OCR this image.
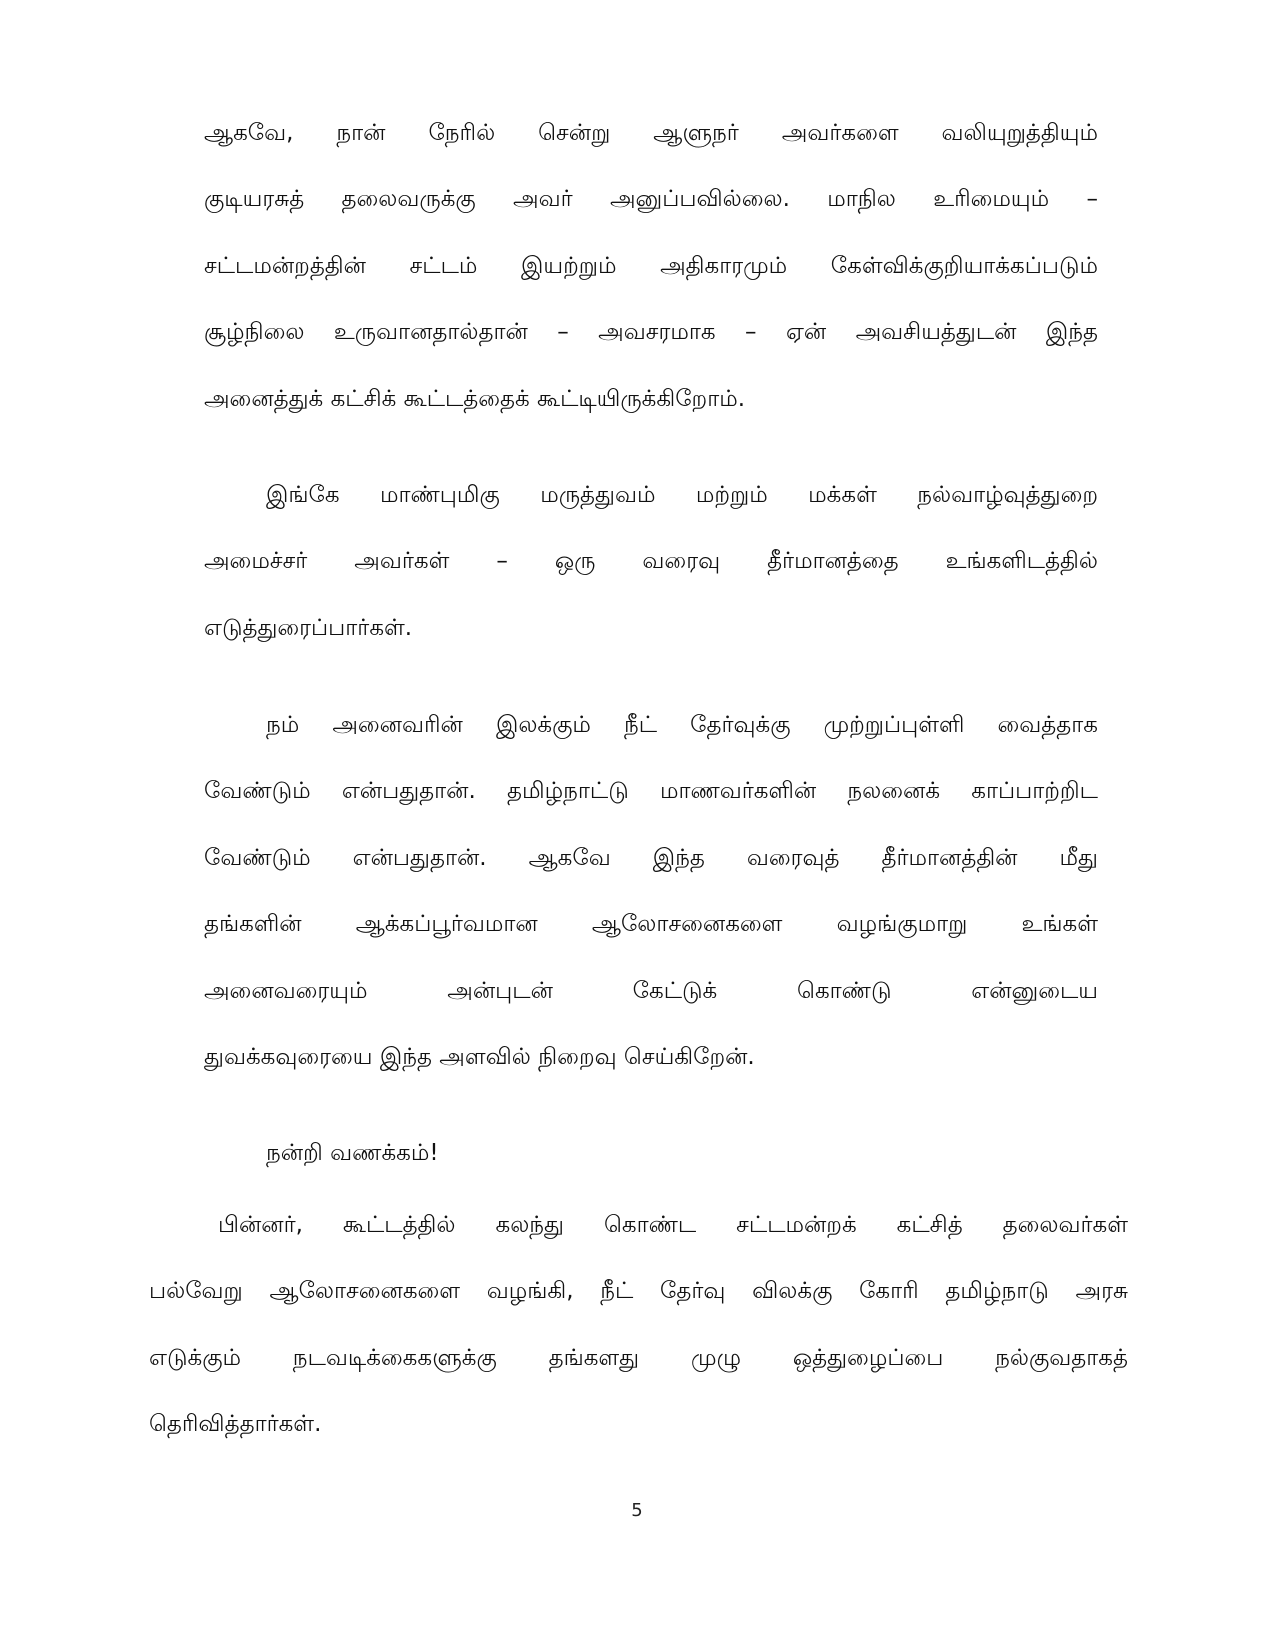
ஆகவே, நான் நேரில் சென்று ஆளுநர் அவர்களை வலியுறுத்தியும்
குடியரசுத் தலைவருக்கு அவர் அனுப்பவில்லை. மாநில உரிமையும் –
சட்டமன்றத்தின் சட்டம் இயற்றும் அதிகாரமும் கேள்விக்குறியாக்கப்படும்
சூழ்நிலை உருவானதால்தான் – அவசரமாக – ஏன் அவசியத்துடன் இந்த
அனைத்துக் கட்சிக் கூட்டத்தைக் கூட்டியிருக்கிறோம்.
இங்கே மாண்புமிகு மருத்துவம் மற்றும் மக்கள் நல்வாழ்வுத்துறை
அமைச்சர் அவர்கள் – ஒரு வரைவு தீர்மானத்தை உங்களிடத்தில்
எடுத்துரைப்பார்கள்.
நம் அனைவரின் இலக்கும் நீட் தேர்வுக்கு முற்றுப்புள்ளி வைத்தாக
வேண்டும் என்பதுதான். தமிழ்நாட்டு மாணவர்களின் நலனைக் காப்பாற்றிட
வேண்டும் என்பதுதான். ஆகவே இந்த வரைவுத் தீர்மானத்தின் மீது
தங்களின் ஆக்கப்பூர்வமான ஆலோசனைகளை வழங்குமாறு உங்கள்
அனைவரையும் அன்புடன் கேட்டுக் கொண்டு என்னுடைய
துவக்கவுரையை இந்த அளவில் நிறைவு செய்கிறேன்.
நன்றி வணக்கம்!
பின்னர், கூட்டத்தில் கலந்து கொண்ட சட்டமன்றக் கட்சித் தலைவர்கள்
பல்வேறு ஆலோசனைகளை வழங்கி, நீட் தேர்வு விலக்கு கோரி தமிழ்நாடு அரசு
எடுக்கும் நடவடிக்கைகளுக்கு தங்களது முழு ஒத்துழைப்பை நல்குவதாகத்
தெரிவித்தார்கள்.
5
